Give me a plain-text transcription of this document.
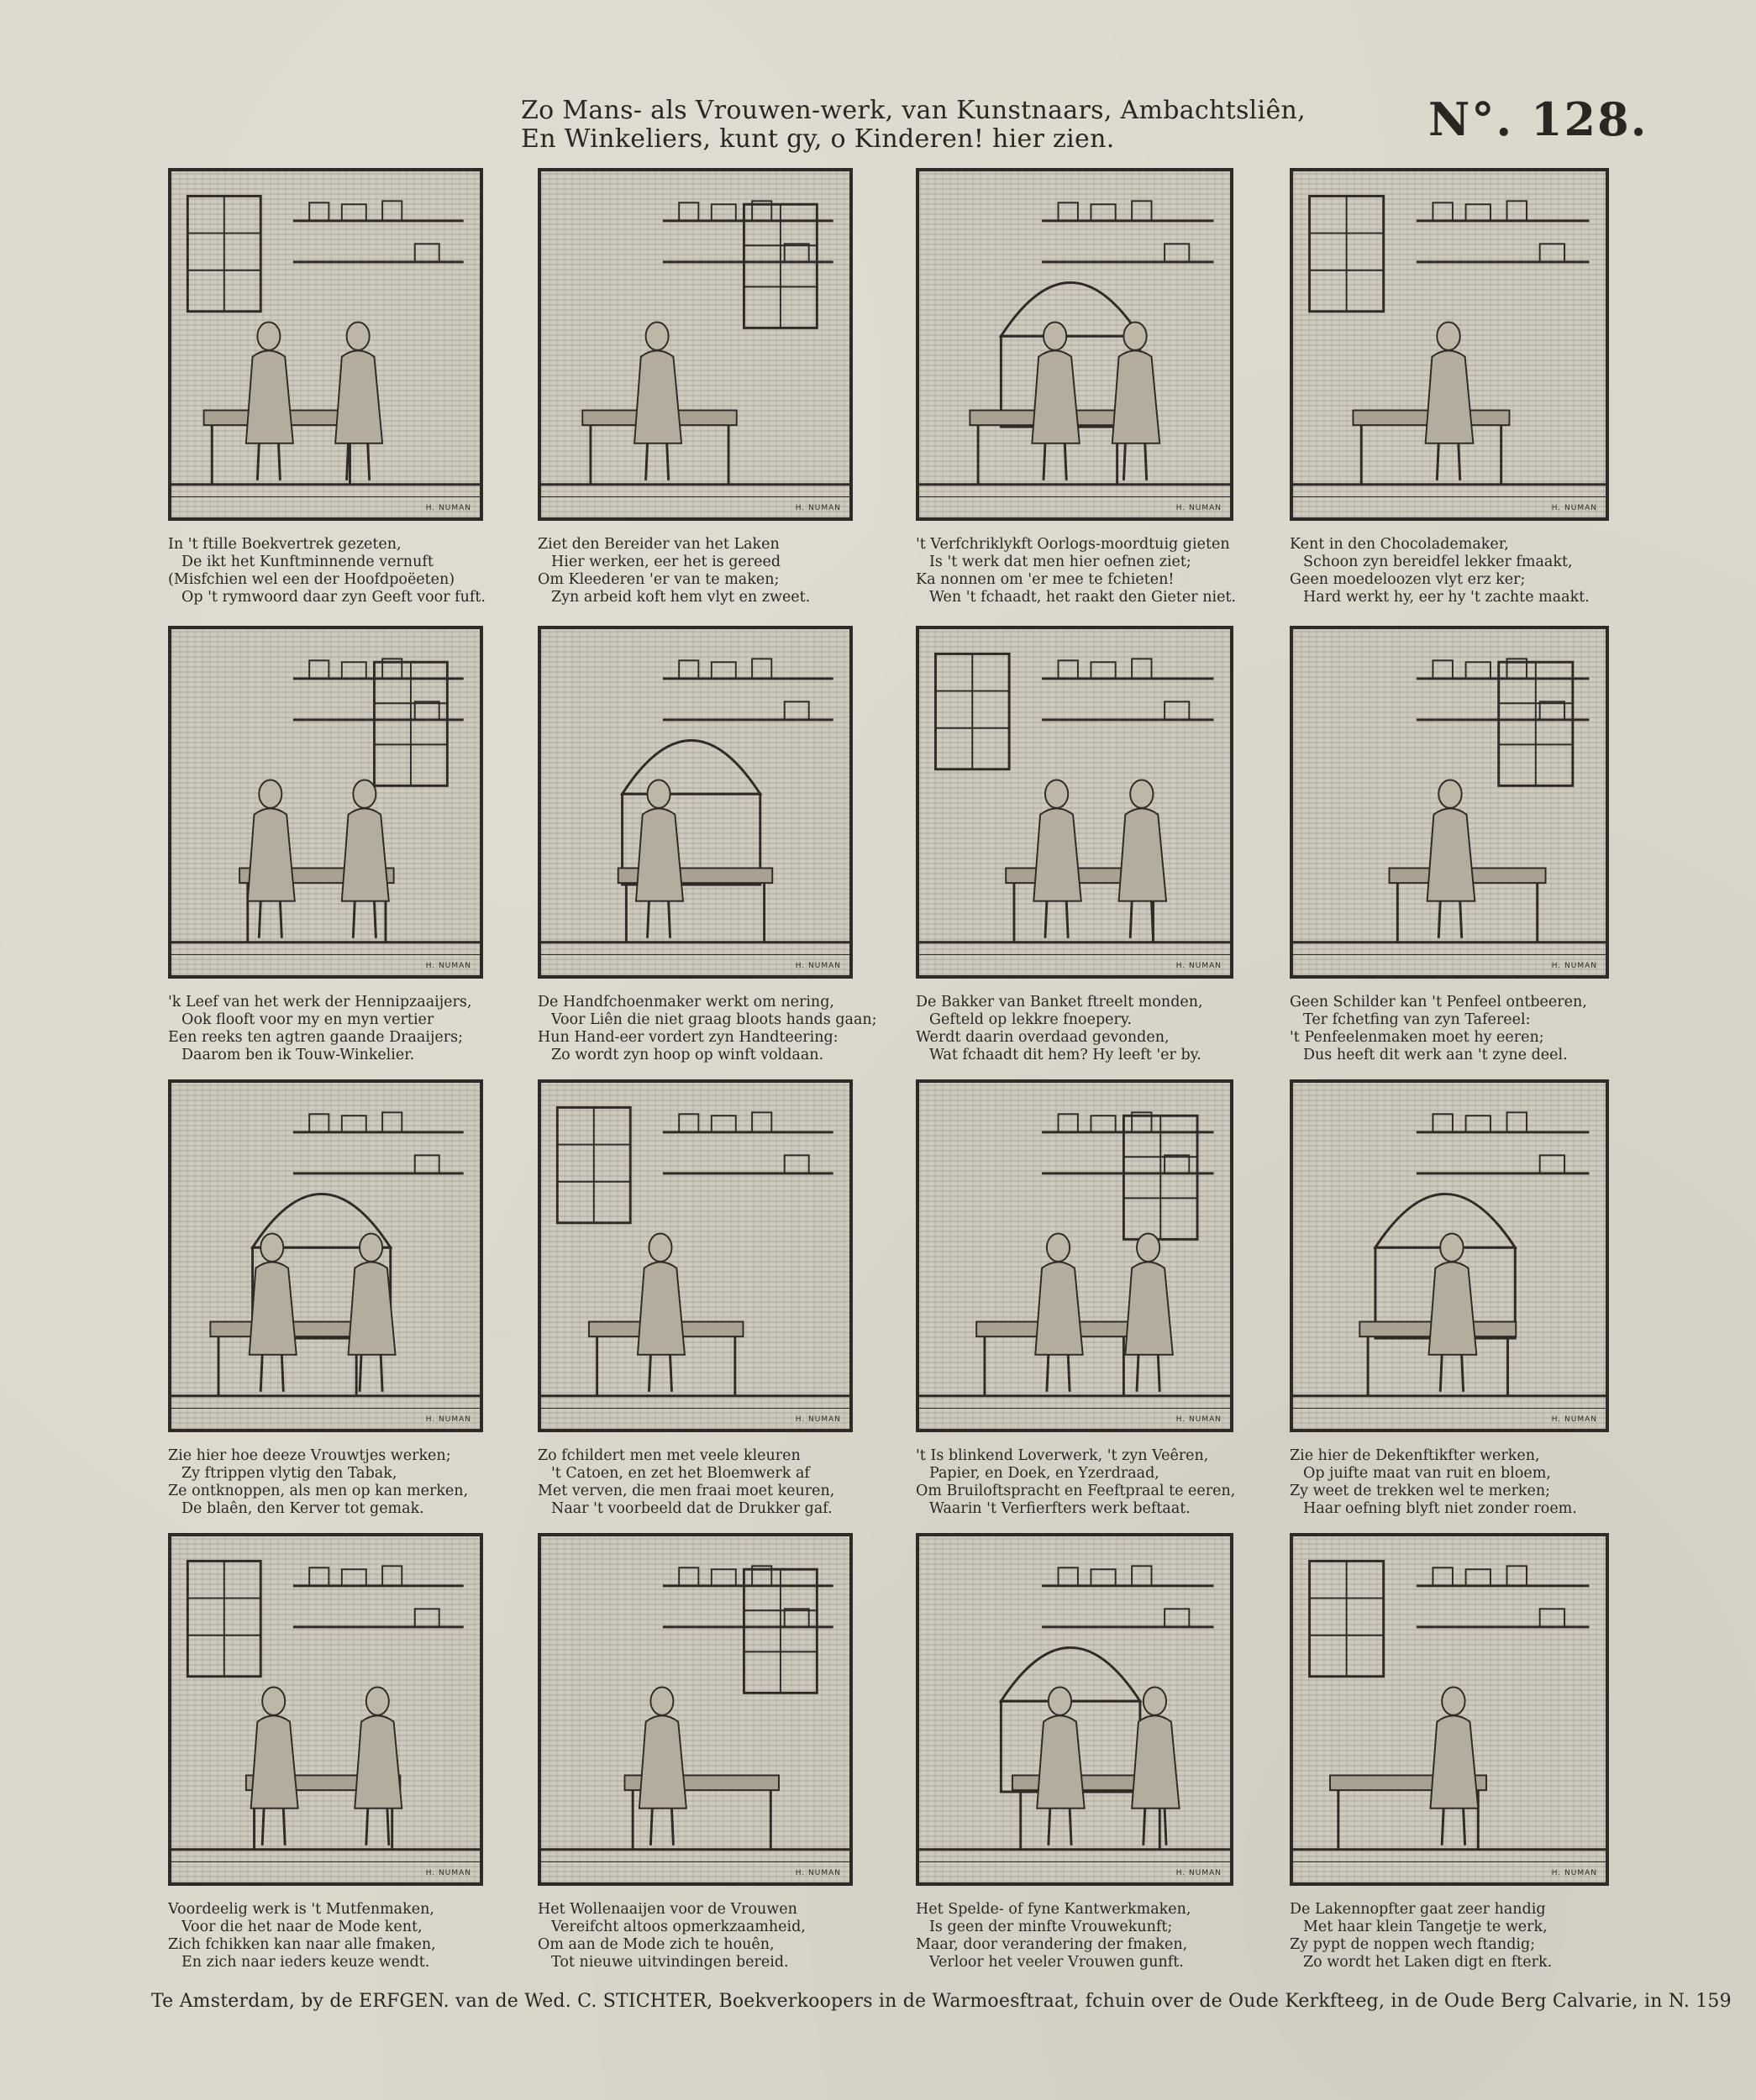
Zo Mans- als Vrouwen-werk, van Kunstnaars, Ambachtsliên,
En Winkeliers, kunt gy, o Kinderen! hier zien.	N°. 128.
H. NUMAN
In 't ftille Boekvertrek gezeten,
De ikt het Kunftminnende vernuft
(Misfchien wel een der Hoofdpoëeten)
Op 't rymwoord daar zyn Geeft voor fuft.
H. NUMAN
Ziet den Bereider van het Laken
Hier werken, eer het is gereed
Om Kleederen 'er van te maken;
Zyn arbeid koft hem vlyt en zweet.
H. NUMAN
't Verfchriklykft Oorlogs-moordtuig gieten
Is 't werk dat men hier oefnen ziet;
Ka nonnen om 'er mee te fchieten!
Wen 't fchaadt, het raakt den Gieter niet.
H. NUMAN
Kent in den Chocolademaker,
Schoon zyn bereidfel lekker fmaakt,
Geen moedeloozen vlyt erz ker;
Hard werkt hy, eer hy 't zachte maakt.
H. NUMAN
'k Leef van het werk der Hennipzaaijers,
Ook flooft voor my en myn vertier
Een reeks ten agtren gaande Draaijers;
Daarom ben ik Touw-Winkelier.
H. NUMAN
De Handfchoenmaker werkt om nering,
Voor Liên die niet graag bloots hands gaan;
Hun Hand-eer vordert zyn Handteering:
Zo wordt zyn hoop op winft voldaan.
H. NUMAN
De Bakker van Banket ftreelt monden,
Gefteld op lekkre fnoepery.
Werdt daarin overdaad gevonden,
Wat fchaadt dit hem? Hy leeft 'er by.
H. NUMAN
Geen Schilder kan 't Penfeel ontbeeren,
Ter fchetfing van zyn Tafereel:
't Penfeelenmaken moet hy eeren;
Dus heeft dit werk aan 't zyne deel.
H. NUMAN
Zie hier hoe deeze Vrouwtjes werken;
Zy ftrippen vlytig den Tabak,
Ze ontknoppen, als men op kan merken,
De blaên, den Kerver tot gemak.
H. NUMAN
Zo fchildert men met veele kleuren
't Catoen, en zet het Bloemwerk af
Met verven, die men fraai moet keuren,
Naar 't voorbeeld dat de Drukker gaf.
H. NUMAN
't Is blinkend Loverwerk, 't zyn Veêren,
Papier, en Doek, en Yzerdraad,
Om Bruiloftspracht en Feeftpraal te eeren,
Waarin 't Verfierfters werk beftaat.
H. NUMAN
Zie hier de Dekenftikfter werken,
Op juifte maat van ruit en bloem,
Zy weet de trekken wel te merken;
Haar oefning blyft niet zonder roem.
H. NUMAN
Voordeelig werk is 't Mutfenmaken,
Voor die het naar de Mode kent,
Zich fchikken kan naar alle fmaken,
En zich naar ieders keuze wendt.
H. NUMAN
Het Wollenaaijen voor de Vrouwen
Vereifcht altoos opmerkzaamheid,
Om aan de Mode zich te houên,
Tot nieuwe uitvindingen bereid.
H. NUMAN
Het Spelde- of fyne Kantwerkmaken,
Is geen der minfte Vrouwekunft;
Maar, door verandering der fmaken,
Verloor het veeler Vrouwen gunft.
H. NUMAN
De Lakennopfter gaat zeer handig
Met haar klein Tangetje te werk,
Zy pypt de noppen wech ftandig;
Zo wordt het Laken digt en fterk.
Te Amsterdam, by de ERFGEN. van de Wed. C. STICHTER, Boekverkoopers in de Warmoesftraat, fchuin over de Oude Kerkfteeg, in de Oude Berg Calvarie, in N. 159
